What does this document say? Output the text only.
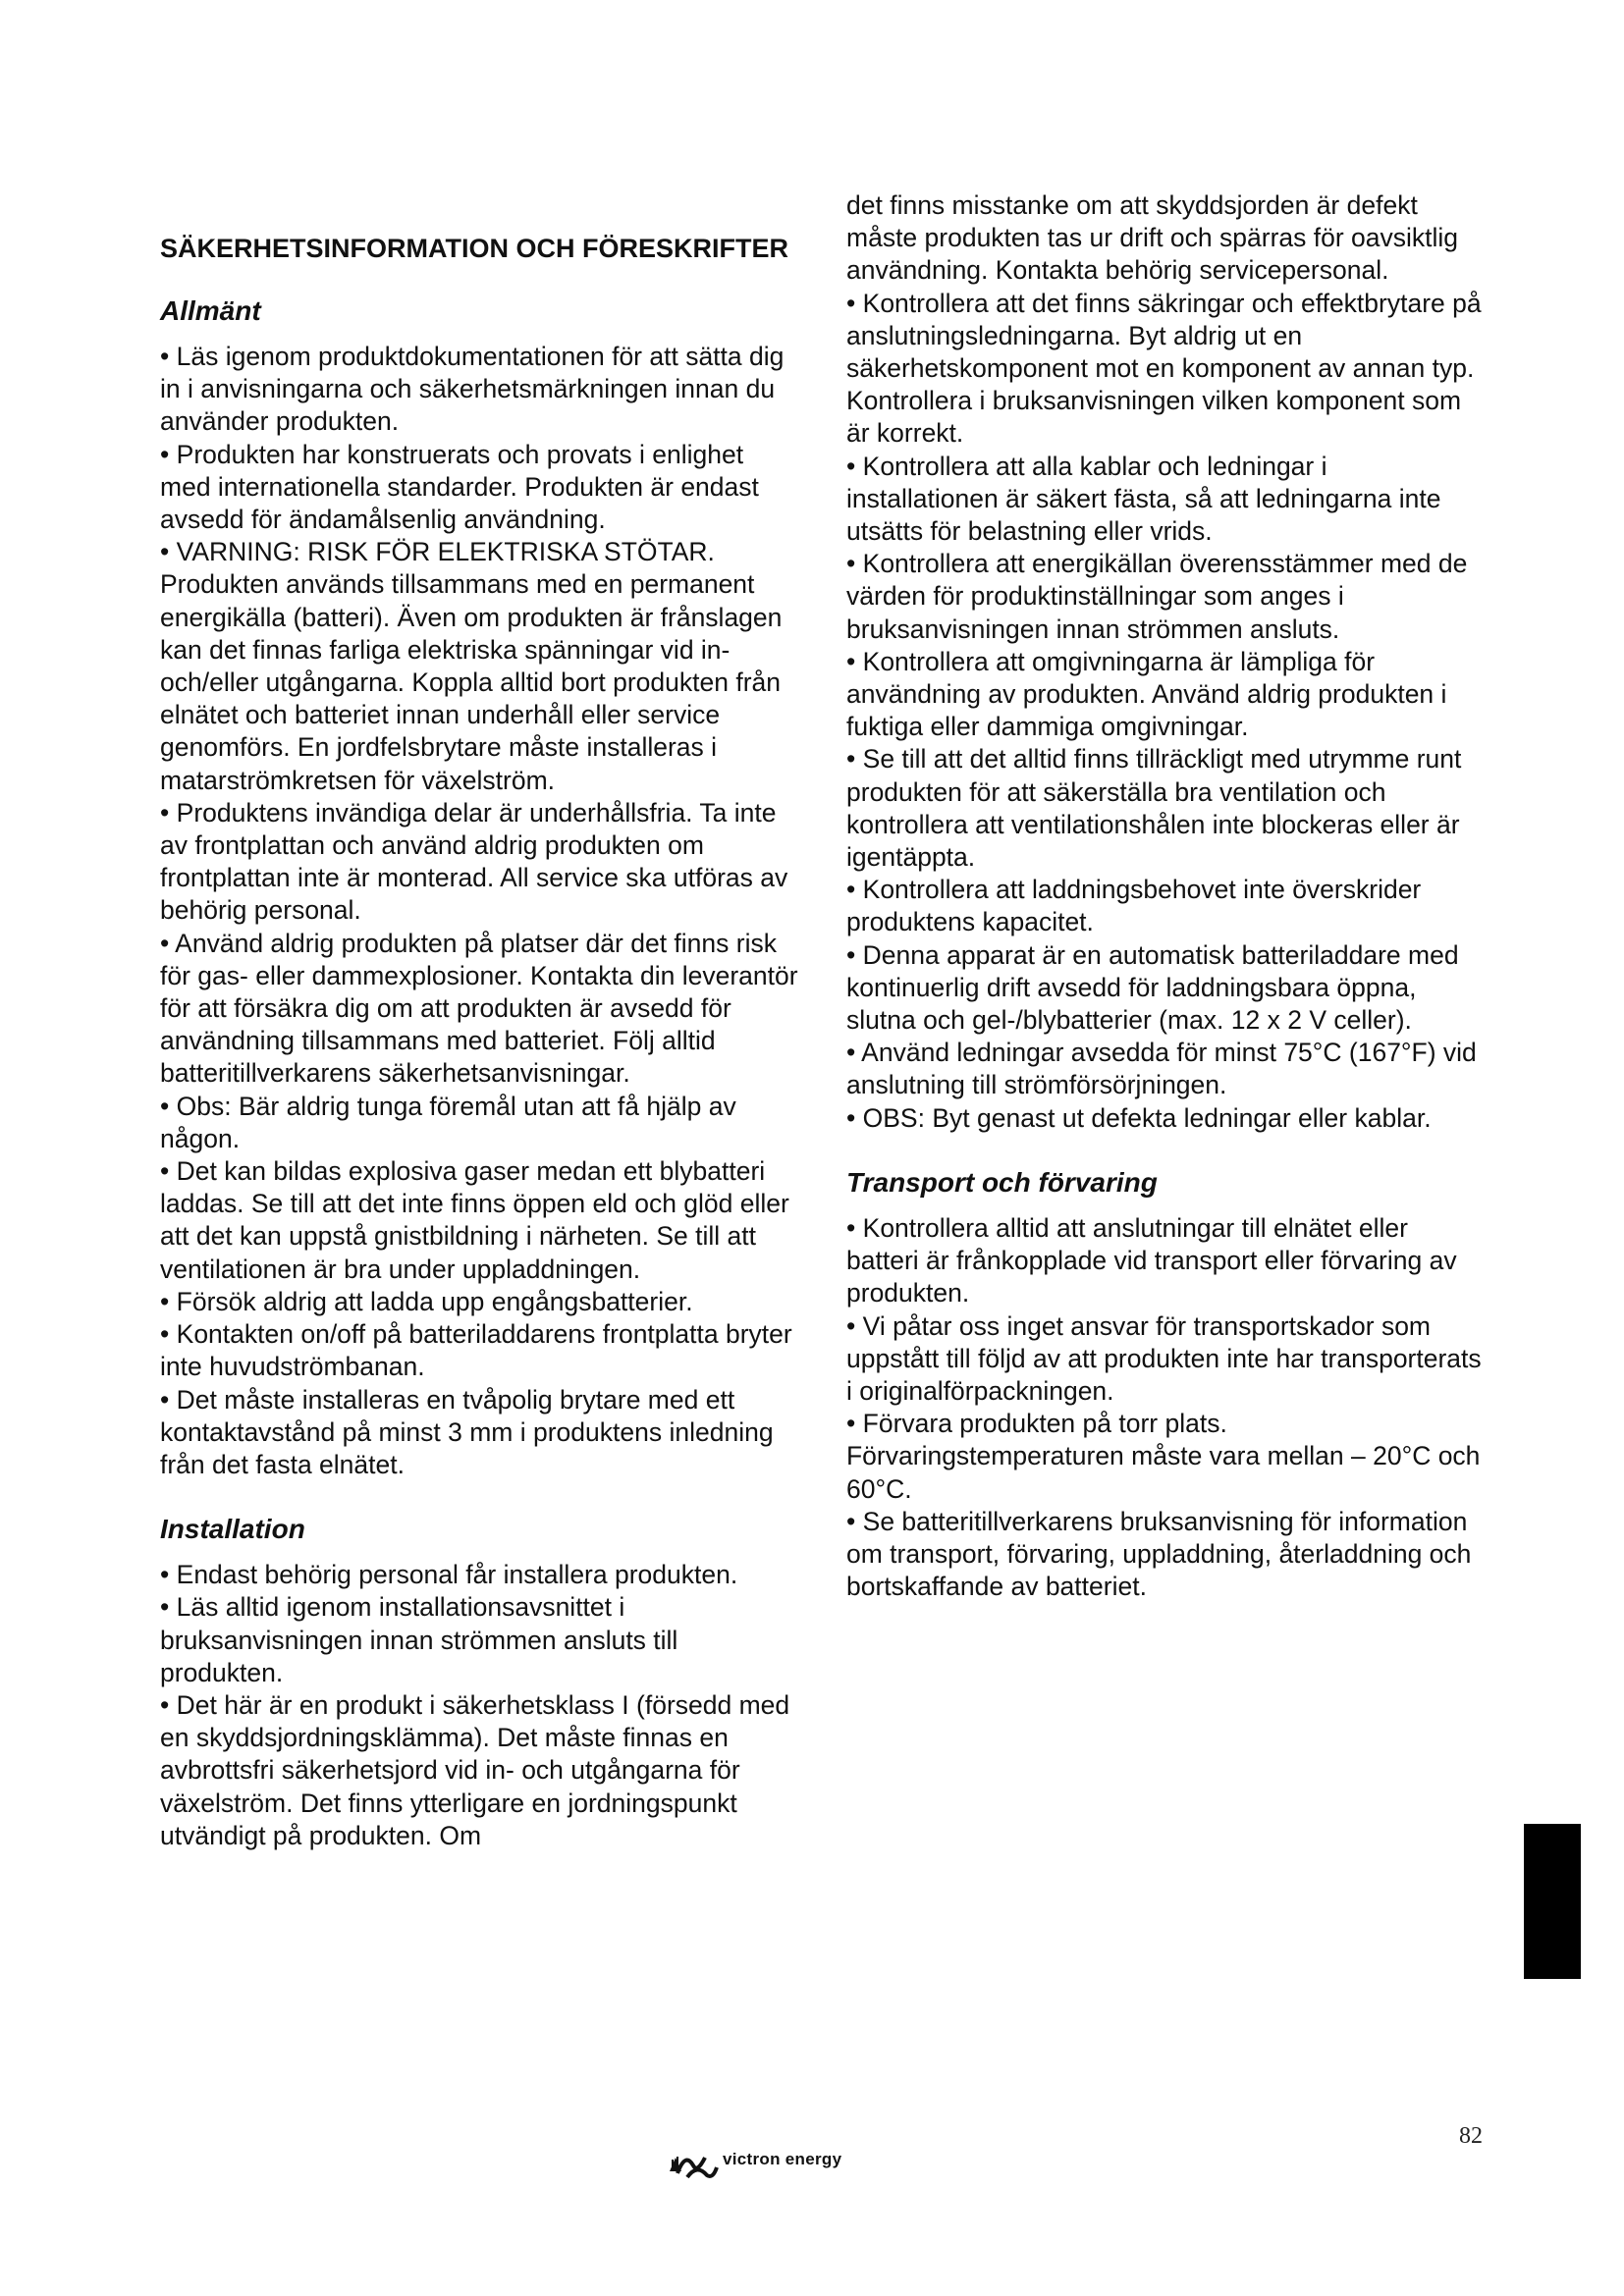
SÄKERHETSINFORMATION OCH FÖRESKRIFTER
Allmänt

• Läs igenom produktdokumentationen för att sätta dig in i anvisningarna och säkerhetsmärkningen innan du använder produkten.

• Produkten har konstruerats och provats i enlighet med internationella standarder. Produkten är endast avsedd för ändamålsenlig användning.

• VARNING: RISK FÖR ELEKTRISKA STÖTAR. Produkten används tillsammans med en permanent energikälla (batteri). Även om produkten är frånslagen kan det finnas farliga elektriska spänningar vid in- och/eller utgångarna. Koppla alltid bort produkten från elnätet och batteriet innan underhåll eller service genomförs. En jordfelsbrytare måste installeras i matarströmkretsen för växelström.

• Produktens invändiga delar är underhållsfria. Ta inte av frontplattan och använd aldrig produkten om frontplattan inte är monterad. All service ska utföras av behörig personal.

• Använd aldrig produkten på platser där det finns risk för gas- eller dammexplosioner. Kontakta din leverantör för att försäkra dig om att produkten är avsedd för användning tillsammans med batteriet. Följ alltid batteritillverkarens säkerhetsanvisningar.

• Obs: Bär aldrig tunga föremål utan att få hjälp av någon.

• Det kan bildas explosiva gaser medan ett blybatteri laddas. Se till att det inte finns öppen eld och glöd eller att det kan uppstå gnistbildning i närheten. Se till att ventilationen är bra under uppladdningen.

• Försök aldrig att ladda upp engångsbatterier.

• Kontakten on/off på batteriladdarens frontplatta bryter inte huvudströmbanan.

• Det måste installeras en tvåpolig brytare med ett kontaktavstånd på minst 3 mm i produktens inledning från det fasta elnätet.

Installation

• Endast behörig personal får installera produkten.

• Läs alltid igenom installationsavsnittet i bruksanvisningen innan strömmen ansluts till produkten.

• Det här är en produkt i säkerhetsklass I (försedd med en skyddsjordningsklämma). Det måste finnas en avbrottsfri säkerhetsjord vid in- och utgångarna för växelström. Det finns ytterligare en jordningspunkt utvändigt på produkten. Om

det finns misstanke om att skyddsjorden är defekt måste produkten tas ur drift och spärras för oavsiktlig användning. Kontakta behörig servicepersonal.

• Kontrollera att det finns säkringar och effektbrytare på anslutningsledningarna. Byt aldrig ut en säkerhetskomponent mot en komponent av annan typ. Kontrollera i bruksanvisningen vilken komponent som är korrekt.

• Kontrollera att alla kablar och ledningar i installationen är säkert fästa, så att ledningarna inte utsätts för belastning eller vrids.

• Kontrollera att energikällan överensstämmer med de värden för produktinställningar som anges i bruksanvisningen innan strömmen ansluts.

• Kontrollera att omgivningarna är lämpliga för användning av produkten. Använd aldrig produkten i fuktiga eller dammiga omgivningar.

• Se till att det alltid finns tillräckligt med utrymme runt produkten för att säkerställa bra ventilation och kontrollera att ventilationshålen inte blockeras eller är igentäppta.

• Kontrollera att laddningsbehovet inte överskrider produktens kapacitet.

• Denna apparat är en automatisk batteriladdare med kontinuerlig drift avsedd för laddningsbara öppna, slutna och gel-/blybatterier (max. 12 x 2 V celler).

• Använd ledningar avsedda för minst 75°C (167°F) vid anslutning till strömförsörjningen.

• OBS: Byt genast ut defekta ledningar eller kablar.

Transport och förvaring

• Kontrollera alltid att anslutningar till elnätet eller batteri är frånkopplade vid transport eller förvaring av produkten.

• Vi påtar oss inget ansvar för transportskador som uppstått till följd av att produkten inte har transporterats i originalförpackningen.

• Förvara produkten på torr plats. Förvaringstemperaturen måste vara mellan – 20°C och 60°C.

• Se batteritillverkarens bruksanvisning för information om transport, förvaring, uppladdning, återladdning och bortskaffande av batteriet.

82
victron energy
